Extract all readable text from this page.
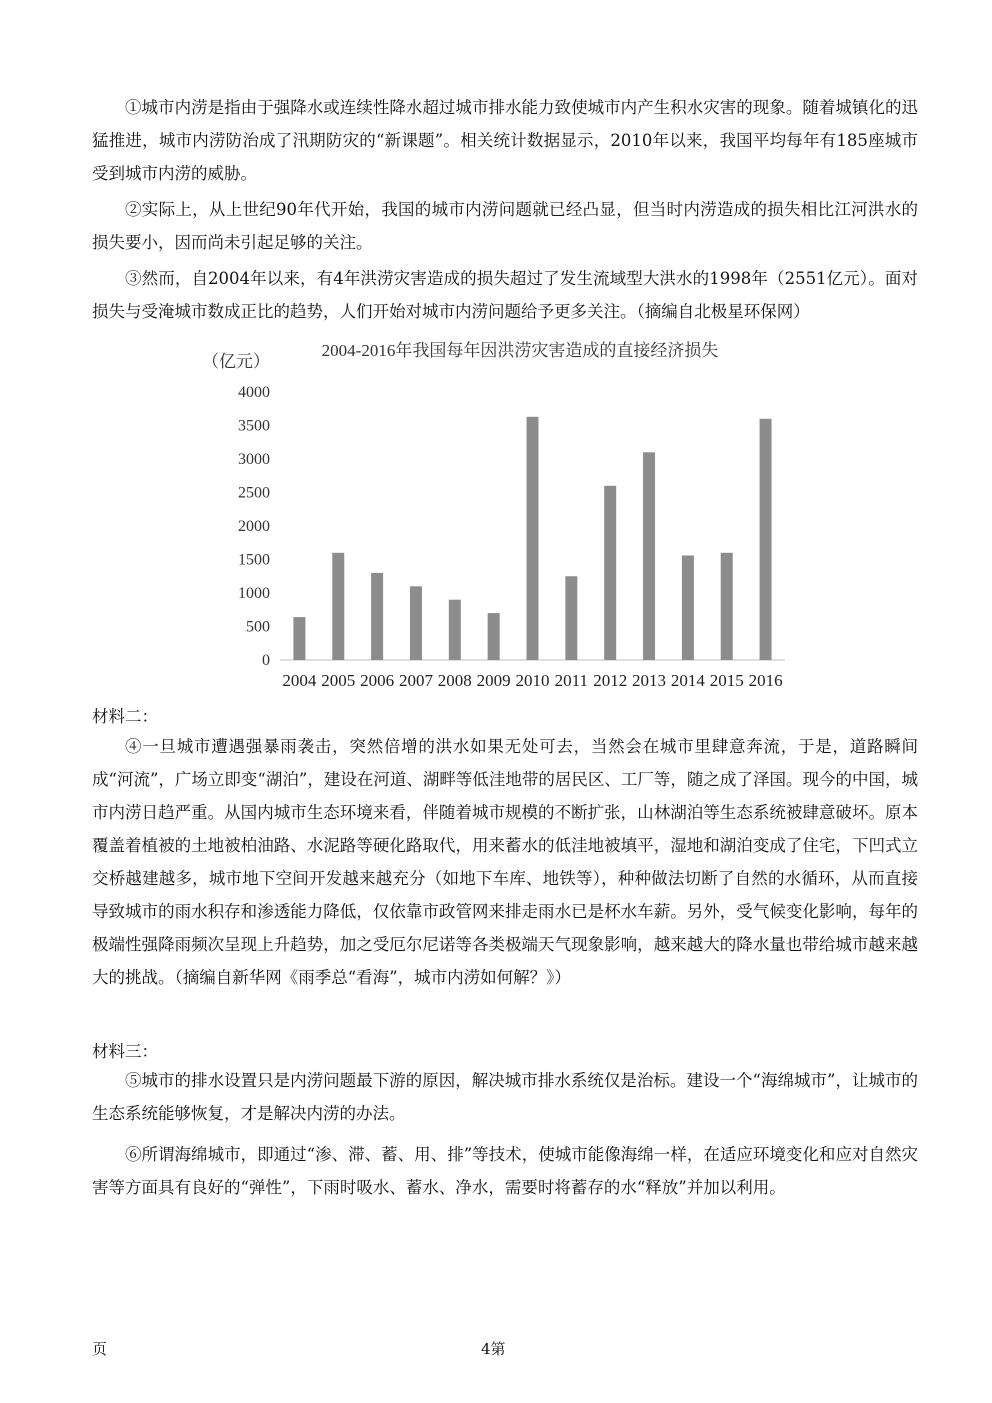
①城市内涝是指由于强降水或连续性降水超过城市排水能力致使城市内产生积水灾害的现象。随着城镇化的迅猛推进，城市内涝防治成了汛期防灾的“新课题”。相关统计数据显示，2010年以来，我国平均每年有185座城市受到城市内涝的威胁。

②实际上，从上世纪90年代开始，我国的城市内涝问题就已经凸显，但当时内涝造成的损失相比江河洪水的损失要小，因而尚未引起足够的关注。

③然而，自2004年以来，有4年洪涝灾害造成的损失超过了发生流域型大洪水的1998年（2551亿元）。面对损失与受淹城市数成正比的趋势，人们开始对城市内涝问题给予更多关注。（摘编自北极星环保网）

2004-2016年我国每年因洪涝灾害造成的直接经济损失
（亿元）
0
500
1000
1500
2000
2500
3000
3500
4000
2004 2005 2006 2007 2008 2009 2010 2011 2012 2013 2014 2015 2016

材料二：

④一旦城市遭遇强暴雨袭击，突然倍增的洪水如果无处可去，当然会在城市里肆意奔流，于是，道路瞬间成“河流”，广场立即变“湖泊”，建设在河道、湖畔等低洼地带的居民区、工厂等，随之成了泽国。现今的中国，城市内涝日趋严重。从国内城市生态环境来看，伴随着城市规模的不断扩张，山林湖泊等生态系统被肆意破坏。原本覆盖着植被的土地被柏油路、水泥路等硬化路取代，用来蓄水的低洼地被填平，湿地和湖泊变成了住宅，下凹式立交桥越建越多，城市地下空间开发越来越充分（如地下车库、地铁等），种种做法切断了自然的水循环，从而直接导致城市的雨水积存和渗透能力降低，仅依靠市政管网来排走雨水已是杯水车薪。另外，受气候变化影响，每年的极端性强降雨频次呈现上升趋势，加之受厄尔尼诺等各类极端天气现象影响，越来越大的降水量也带给城市越来越大的挑战。（摘编自新华网《雨季总“看海”，城市内涝如何解？》）

材料三：

⑤城市的排水设置只是内涝问题最下游的原因，解决城市排水系统仅是治标。建设一个“海绵城市”，让城市的生态系统能够恢复，才是解决内涝的办法。

⑥所谓海绵城市，即通过“渗、滞、蓄、用、排”等技术，使城市能像海绵一样，在适应环境变化和应对自然灾害等方面具有良好的“弹性”，下雨时吸水、蓄水、净水，需要时将蓄存的水“释放”并加以利用。

页	4第
